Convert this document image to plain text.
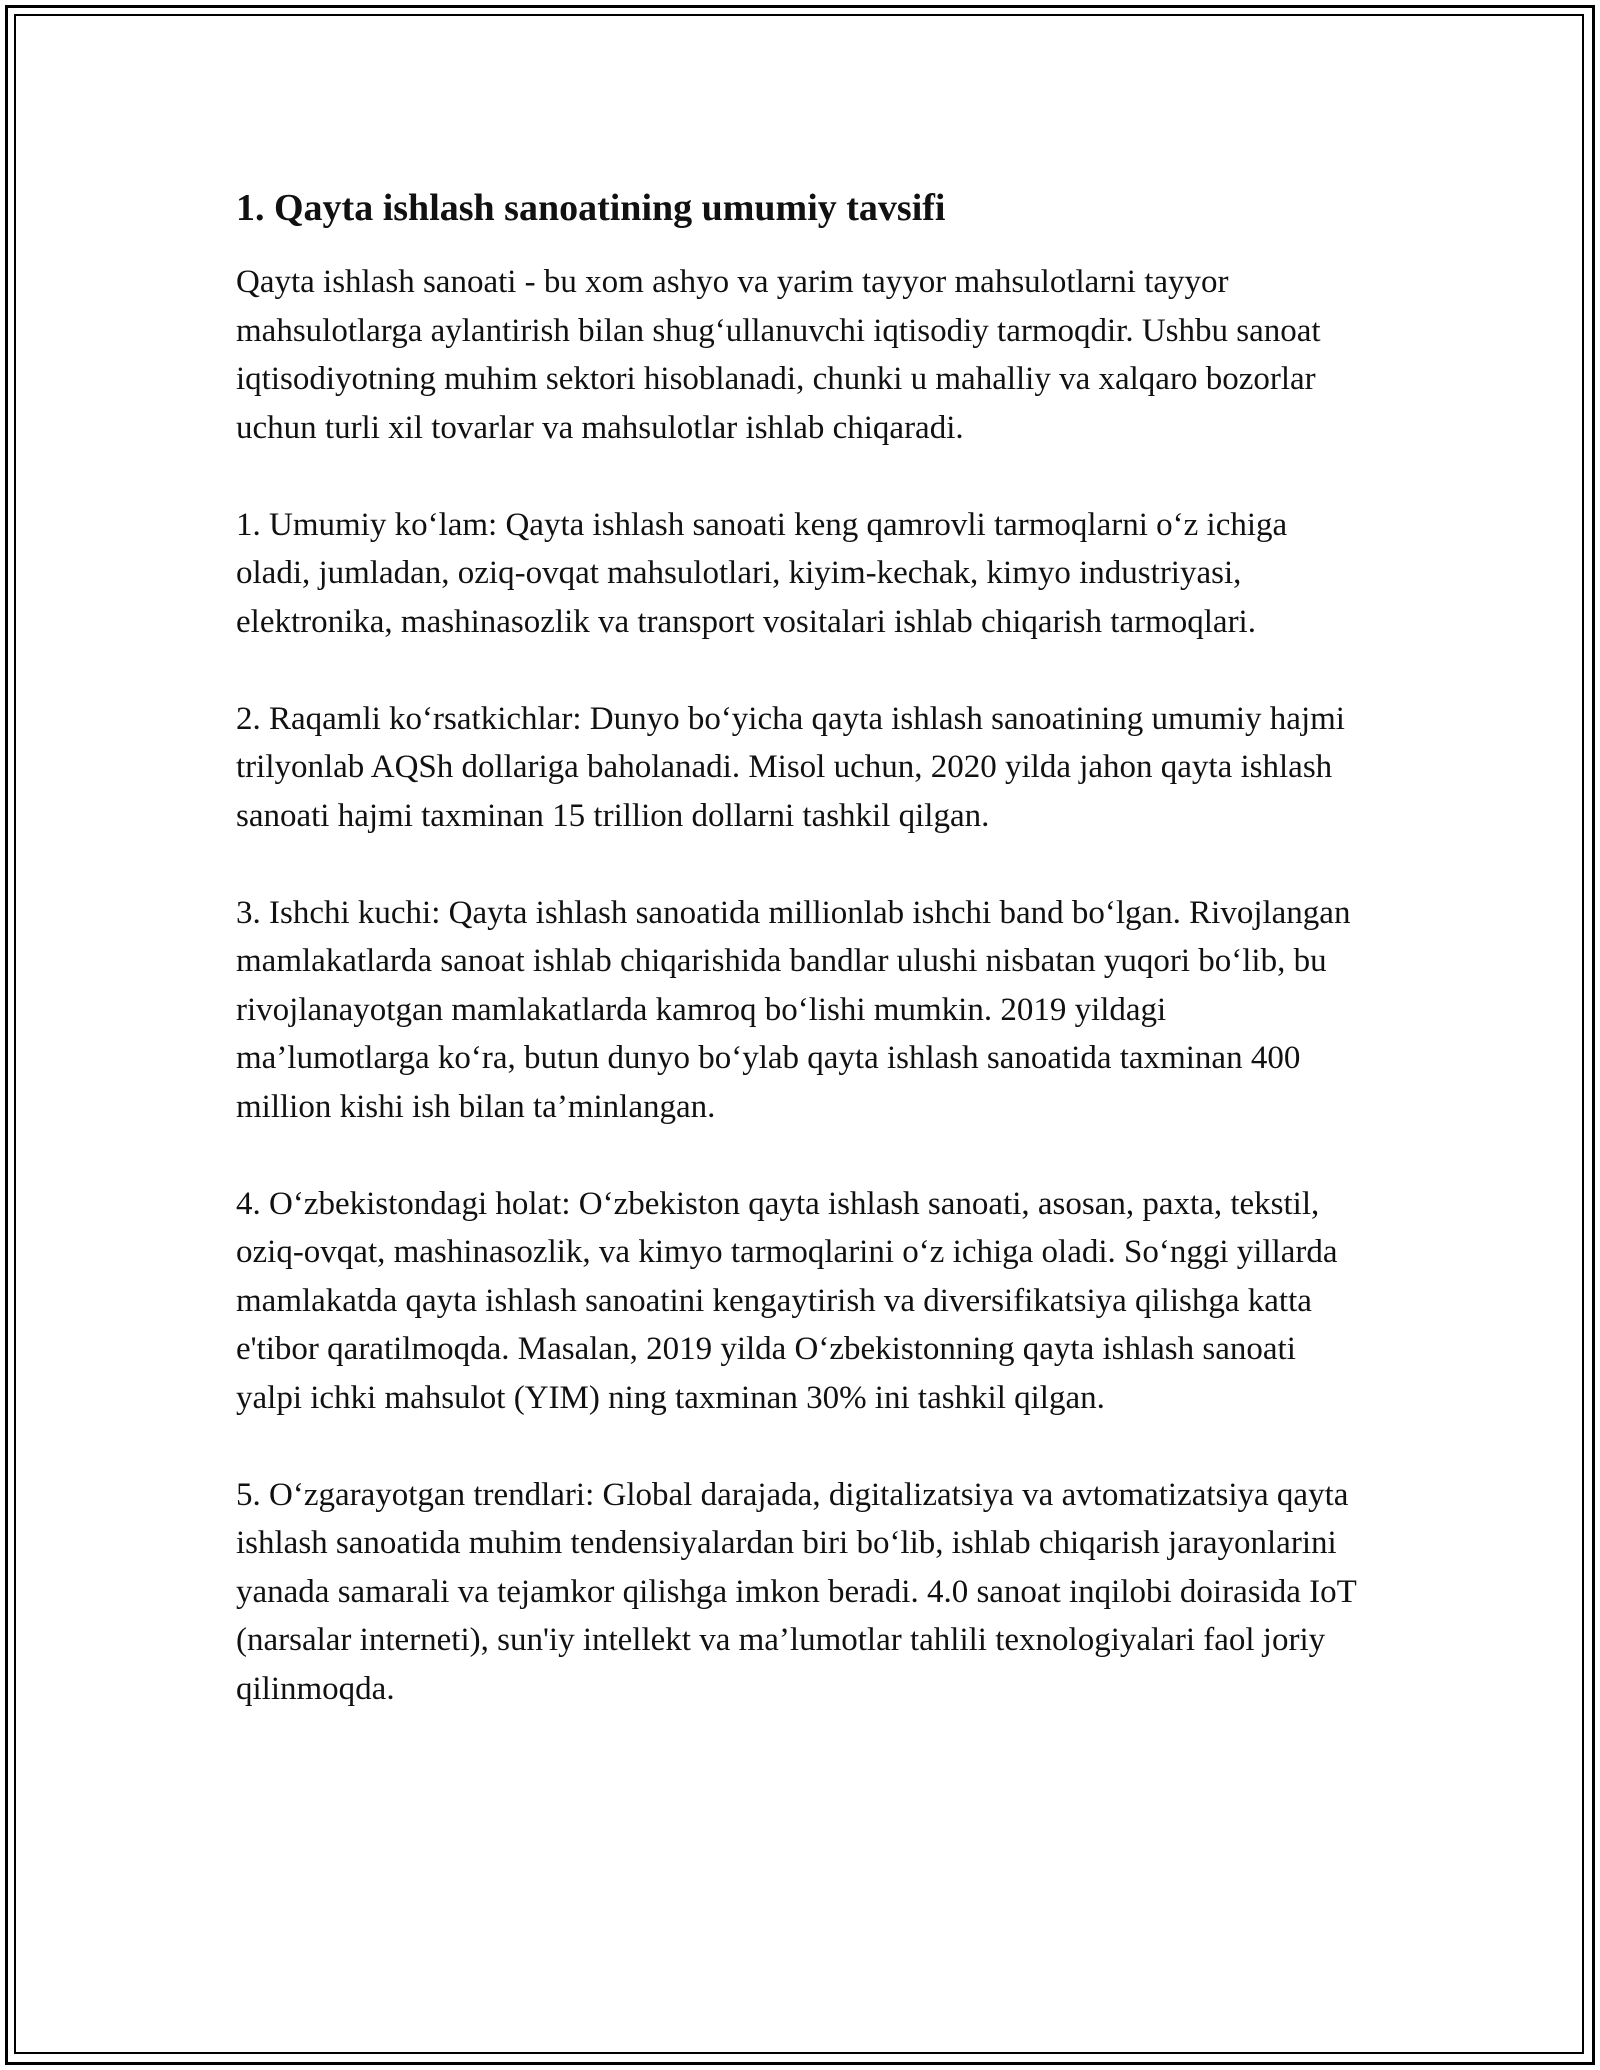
1. Qayta ishlash sanoatining umumiy tavsifi

Qayta ishlash sanoati - bu xom ashyo va yarim tayyor mahsulotlarni tayyor mahsulotlarga aylantirish bilan shug‘ullanuvchi iqtisodiy tarmoqdir. Ushbu sanoat iqtisodiyotning muhim sektori hisoblanadi, chunki u mahalliy va xalqaro bozorlar uchun turli xil tovarlar va mahsulotlar ishlab chiqaradi.

1. Umumiy ko‘lam: Qayta ishlash sanoati keng qamrovli tarmoqlarni o‘z ichiga oladi, jumladan, oziq-ovqat mahsulotlari, kiyim-kechak, kimyo industriyasi, elektronika, mashinasozlik va transport vositalari ishlab chiqarish tarmoqlari.

2. Raqamli ko‘rsatkichlar: Dunyo bo‘yicha qayta ishlash sanoatining umumiy hajmi trilyonlab AQSh dollariga baholanadi. Misol uchun, 2020 yilda jahon qayta ishlash sanoati hajmi taxminan 15 trillion dollarni tashkil qilgan.

3. Ishchi kuchi: Qayta ishlash sanoatida millionlab ishchi band bo‘lgan. Rivojlangan mamlakatlarda sanoat ishlab chiqarishida bandlar ulushi nisbatan yuqori bo‘lib, bu rivojlanayotgan mamlakatlarda kamroq bo‘lishi mumkin. 2019 yildagi ma’lumotlarga ko‘ra, butun dunyo bo‘ylab qayta ishlash sanoatida taxminan 400 million kishi ish bilan ta’minlangan.

4. O‘zbekistondagi holat: O‘zbekiston qayta ishlash sanoati, asosan, paxta, tekstil, oziq-ovqat, mashinasozlik, va kimyo tarmoqlarini o‘z ichiga oladi. So‘nggi yillarda mamlakatda qayta ishlash sanoatini kengaytirish va diversifikatsiya qilishga katta e'tibor qaratilmoqda. Masalan, 2019 yilda O‘zbekistonning qayta ishlash sanoati yalpi ichki mahsulot (YIM) ning taxminan 30% ini tashkil qilgan.

5. O‘zgarayotgan trendlari: Global darajada, digitalizatsiya va avtomatizatsiya qayta ishlash sanoatida muhim tendensiyalardan biri bo‘lib, ishlab chiqarish jarayonlarini yanada samarali va tejamkor qilishga imkon beradi. 4.0 sanoat inqilobi doirasida IoT (narsalar interneti), sun'iy intellekt va ma’lumotlar tahlili texnologiyalari faol joriy qilinmoqda.
